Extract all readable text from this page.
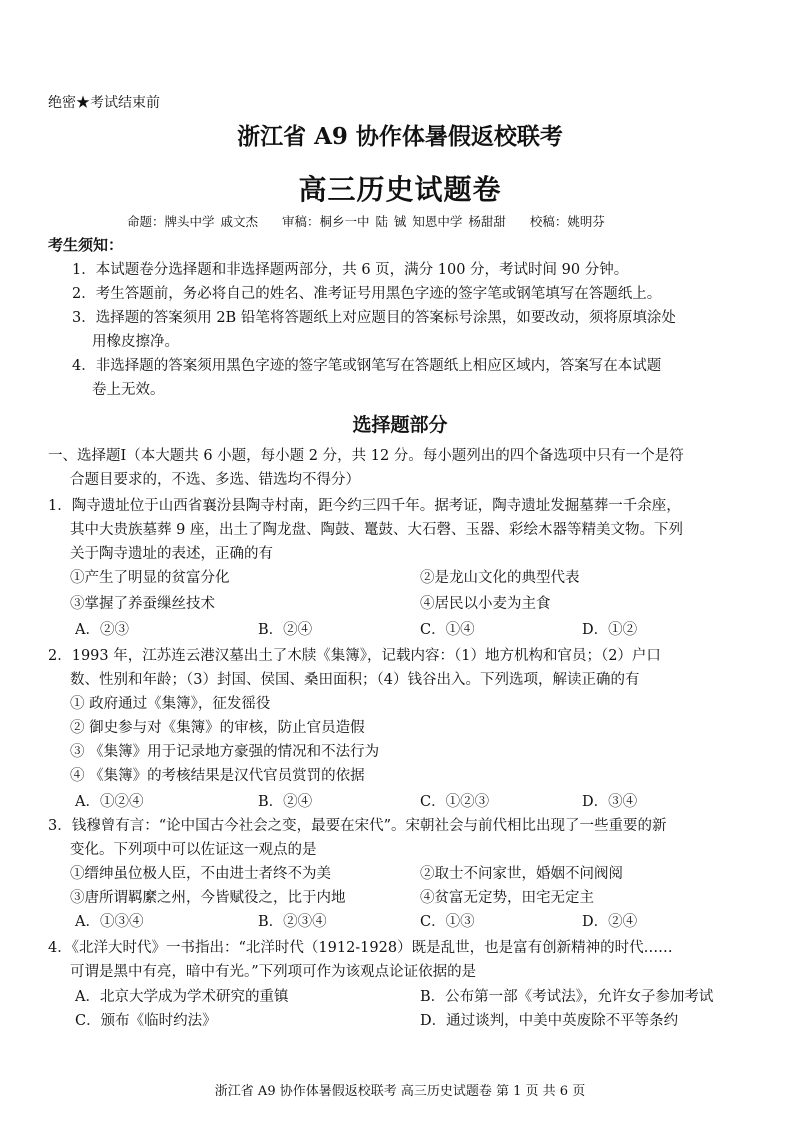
绝密★考试结束前
浙江省 A9 协作体暑假返校联考
高三历史试题卷
命题：牌头中学 戚文杰 审稿：桐乡一中 陆 铖 知恩中学 杨甜甜 校稿：姚明芬
考生须知：
1．本试题卷分选择题和非选择题两部分，共 6 页，满分 100 分，考试时间 90 分钟。
2．考生答题前，务必将自己的姓名、准考证号用黑色字迹的签字笔或钢笔填写在答题纸上。
3．选择题的答案须用 2B 铅笔将答题纸上对应题目的答案标号涂黑，如要改动，须将原填涂处
用橡皮擦净。
4．非选择题的答案须用黑色字迹的签字笔或钢笔写在答题纸上相应区域内，答案写在本试题
卷上无效。
选择题部分
一、选择题Ⅰ（本大题共 6 小题，每小题 2 分，共 12 分。每小题列出的四个备选项中只有一个是符
合题目要求的，不选、多选、错选均不得分）
1．陶寺遗址位于山西省襄汾县陶寺村南，距今约三四千年。据考证，陶寺遗址发掘墓葬一千余座，
其中大贵族墓葬 9 座，出土了陶龙盘、陶鼓、鼍鼓、大石磬、玉器、彩绘木器等精美文物。下列
关于陶寺遗址的表述，正确的有
①产生了明显的贫富分化	②是龙山文化的典型代表
③掌握了养蚕缫丝技术	④居民以小麦为主食
A．②③	B．②④	C．①④	D．①②
2．1993 年，江苏连云港汉墓出土了木牍《集簿》，记载内容：（1）地方机构和官员；（2）户口
数、性别和年龄；（3）封国、侯国、桑田面积；（4）钱谷出入。下列选项，解读正确的有
① 政府通过《集簿》，征发徭役
② 御史参与对《集簿》的审核，防止官员造假
③ 《集簿》用于记录地方豪强的情况和不法行为
④ 《集簿》的考核结果是汉代官员赏罚的依据
A．①②④	B．②④	C．①②③	D．③④
3．钱穆曾有言：“论中国古今社会之变，最要在宋代”。宋朝社会与前代相比出现了一些重要的新
变化。下列项中可以佐证这一观点的是
①缙绅虽位极人臣，不由进士者终不为美	②取士不问家世，婚姻不问阀阅
③唐所谓羁縻之州，今皆赋役之，比于内地	④贫富无定势，田宅无定主
A．①③④	B．②③④	C．①③	D．②④
4．《北洋大时代》一书指出：“北洋时代（1912-1928）既是乱世，也是富有创新精神的时代……
可谓是黑中有亮，暗中有光。”下列项可作为该观点论证依据的是
A．北京大学成为学术研究的重镇	B．公布第一部《考试法》，允许女子参加考试
C．颁布《临时约法》	D．通过谈判，中美中英废除不平等条约
浙江省 A9 协作体暑假返校联考 高三历史试题卷 第 1 页 共 6 页
